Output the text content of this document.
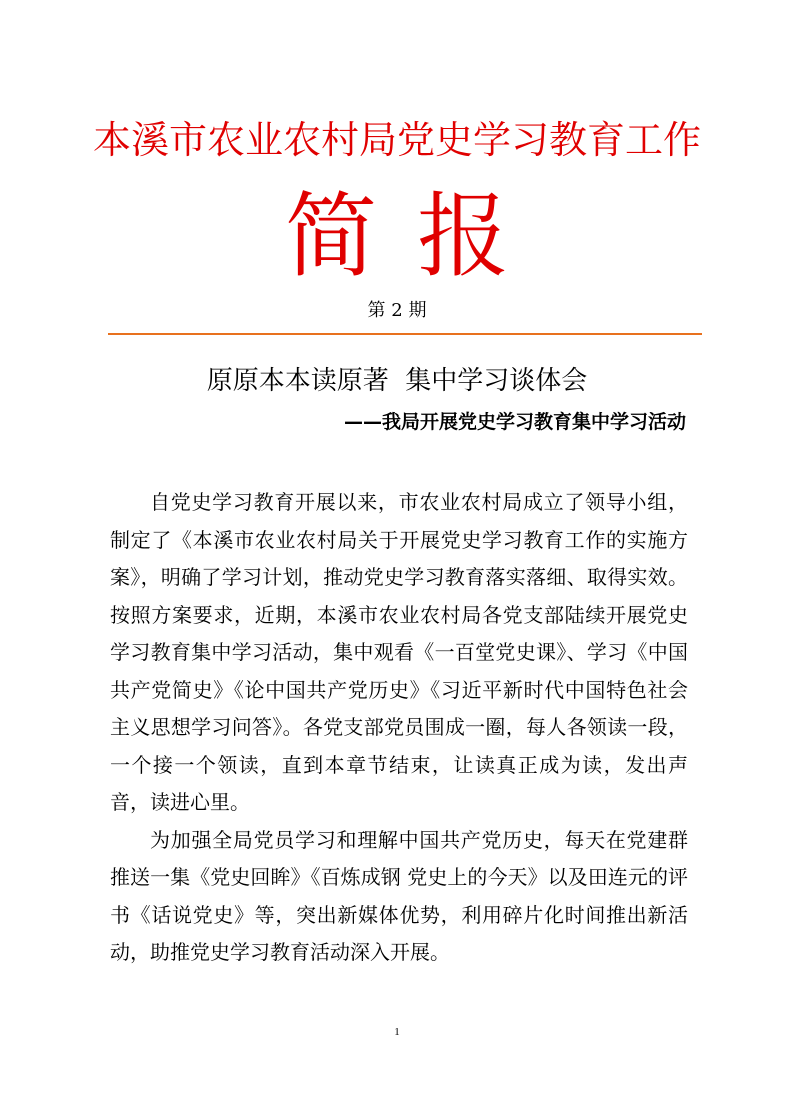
本溪市农业农村局党史学习教育工作
简 报
第 2 期
原原本本读原著  集中学习谈体会
——我局开展党史学习教育集中学习活动

自党史学习教育开展以来，市农业农村局成立了领导小组，制定了《本溪市农业农村局关于开展党史学习教育工作的实施方案》，明确了学习计划，推动党史学习教育落实落细、取得实效。按照方案要求，近期，本溪市农业农村局各党支部陆续开展党史学习教育集中学习活动，集中观看《一百堂党史课》、学习《中国共产党简史》《论中国共产党历史》《习近平新时代中国特色社会主义思想学习问答》。各党支部党员围成一圈，每人各领读一段，一个接一个领读，直到本章节结束，让读真正成为读，发出声音，读进心里。

为加强全局党员学习和理解中国共产党历史，每天在党建群推送一集《党史回眸》《百炼成钢 党史上的今天》以及田连元的评书《话说党史》等，突出新媒体优势，利用碎片化时间推出新活动，助推党史学习教育活动深入开展。

1
